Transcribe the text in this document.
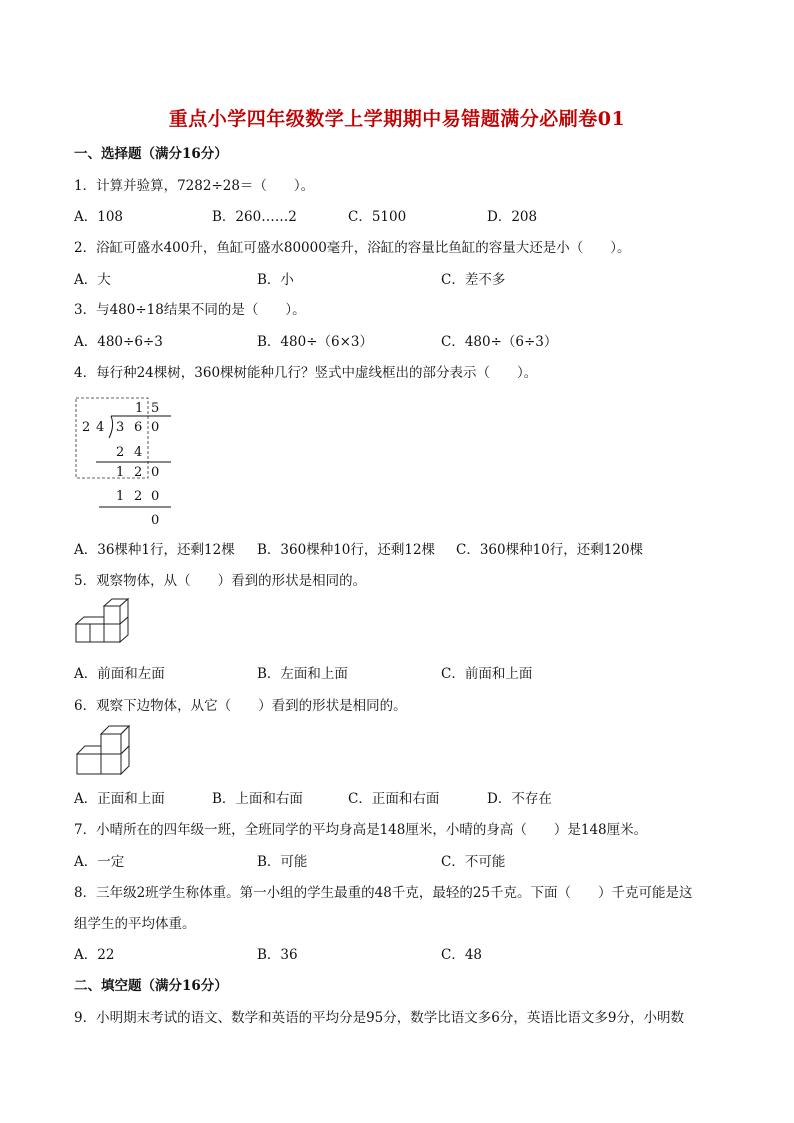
重点小学四年级数学上学期期中易错题满分必刷卷01
一、选择题（满分16分）
1．计算并验算，7282÷28＝（　　）。
A．108	B．260……2	C．5100	D．208
2．浴缸可盛水400升，鱼缸可盛水80000毫升，浴缸的容量比鱼缸的容量大还是小（　　）。
A．大	B．小	C．差不多
3．与480÷18结果不同的是（　　）。
A．480÷6÷3	B．480÷（6×3）	C．480÷（6÷3）
4．每行种24棵树，360棵树能种几行？竖式中虚线框出的部分表示（　　）。
1 5
2 4 3 6 0
2 4
1 2 0
1 2 0
0
A．36棵种1行，还剩12棵 B．360棵种10行，还剩12棵 C．360棵种10行，还剩120棵
5．观察物体，从（　　）看到的形状是相同的。
A．前面和左面	B．左面和上面	C．前面和上面
6．观察下边物体，从它（　　）看到的形状是相同的。
A．正面和上面	B．上面和右面	C．正面和右面	D．不存在
7．小晴所在的四年级一班，全班同学的平均身高是148厘米，小晴的身高（　　）是148厘米。
A．一定	B．可能	C．不可能
8．三年级2班学生称体重。第一小组的学生最重的48千克，最轻的25千克。下面（　　）千克可能是这
组学生的平均体重。
A．22	B．36	C．48
二、填空题（满分16分）
9．小明期末考试的语文、数学和英语的平均分是95分，数学比语文多6分，英语比语文多9分，小明数
